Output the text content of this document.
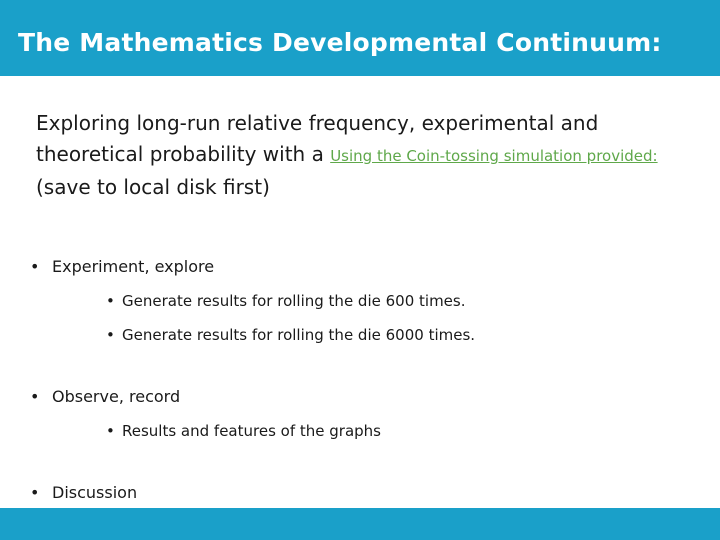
The Mathematics Developmental Continuum:
Exploring long-run relative frequency, experimental and theoretical probability with a Using the Coin-tossing simulation provided: (save to local disk first)
• Experiment, explore
• Generate results for rolling the die 600 times.
• Generate results for rolling the die 6000 times.
• Observe, record
• Results and features of the graphs
• Discussion
